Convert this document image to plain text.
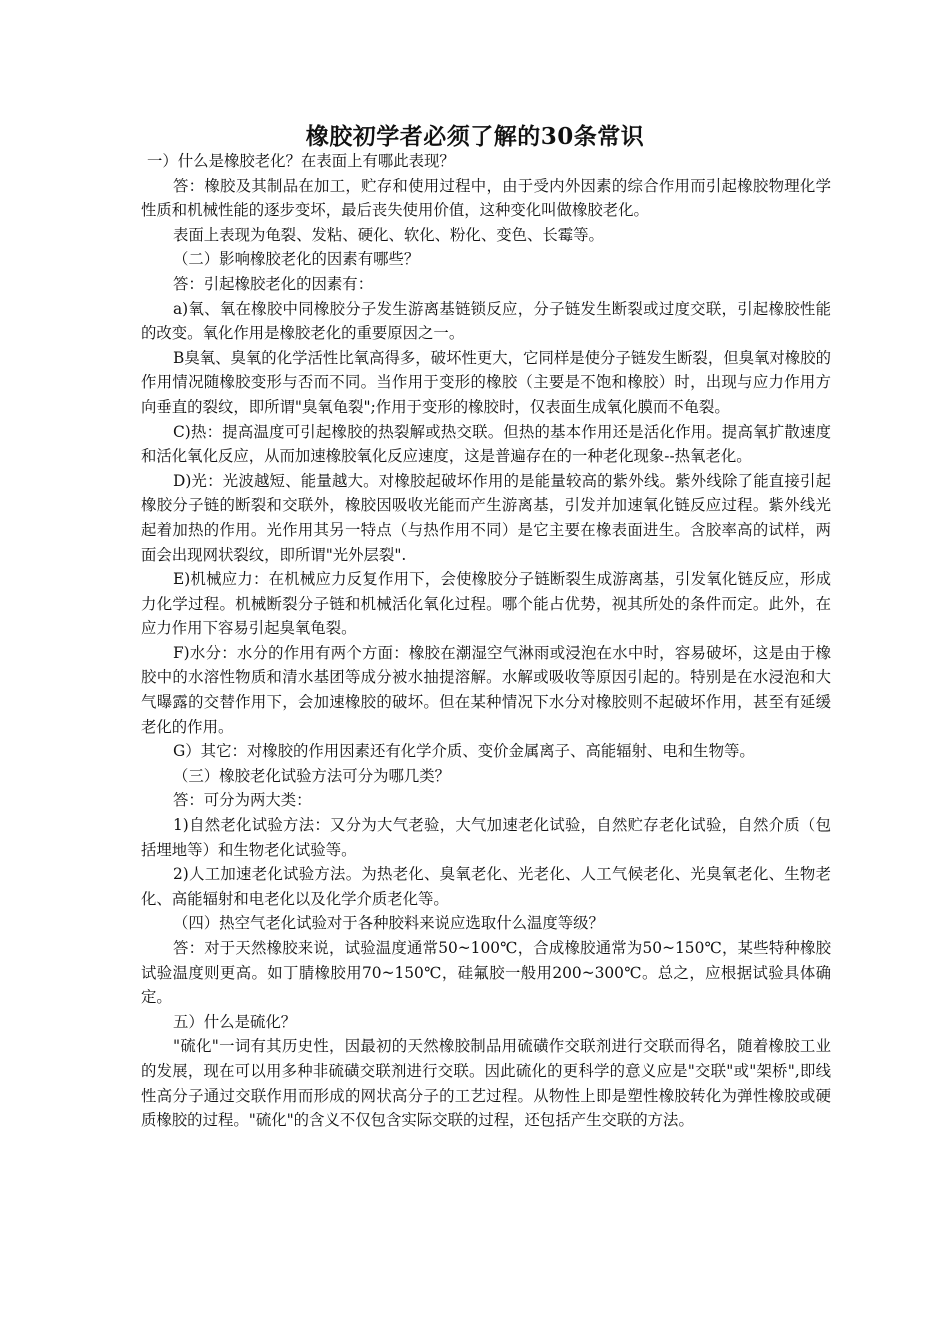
橡胶初学者必须了解的30条常识

一）什么是橡胶老化？在表面上有哪此表现？

答：橡胶及其制品在加工，贮存和使用过程中，由于受内外因素的综合作用而引起橡胶物理化学性质和机械性能的逐步变坏，最后丧失使用价值，这种变化叫做橡胶老化。

表面上表现为龟裂、发粘、硬化、软化、粉化、变色、长霉等。

（二）影响橡胶老化的因素有哪些？

答：引起橡胶老化的因素有：

a)氧、氧在橡胶中同橡胶分子发生游离基链锁反应，分子链发生断裂或过度交联，引起橡胶性能的改变。氧化作用是橡胶老化的重要原因之一。

B臭氧、臭氧的化学活性比氧高得多，破坏性更大，它同样是使分子链发生断裂，但臭氧对橡胶的作用情况随橡胶变形与否而不同。当作用于变形的橡胶（主要是不饱和橡胶）时，出现与应力作用方向垂直的裂纹，即所谓"臭氧龟裂";作用于变形的橡胶时，仅表面生成氧化膜而不龟裂。

C)热：提高温度可引起橡胶的热裂解或热交联。但热的基本作用还是活化作用。提高氧扩散速度和活化氧化反应，从而加速橡胶氧化反应速度，这是普遍存在的一种老化现象--热氧老化。

D)光：光波越短、能量越大。对橡胶起破坏作用的是能量较高的紫外线。紫外线除了能直接引起橡胶分子链的断裂和交联外，橡胶因吸收光能而产生游离基，引发并加速氧化链反应过程。紫外线光起着加热的作用。光作用其另一特点（与热作用不同）是它主要在橡表面进生。含胶率高的试样，两面会出现网状裂纹，即所谓"光外层裂".

E)机械应力：在机械应力反复作用下，会使橡胶分子链断裂生成游离基，引发氧化链反应，形成力化学过程。机械断裂分子链和机械活化氧化过程。哪个能占优势，视其所处的条件而定。此外，在应力作用下容易引起臭氧龟裂。

F)水分：水分的作用有两个方面：橡胶在潮湿空气淋雨或浸泡在水中时，容易破坏，这是由于橡胶中的水溶性物质和清水基团等成分被水抽提溶解。水解或吸收等原因引起的。特别是在水浸泡和大气曝露的交替作用下，会加速橡胶的破坏。但在某种情况下水分对橡胶则不起破坏作用，甚至有延缓老化的作用。

G）其它：对橡胶的作用因素还有化学介质、变价金属离子、高能辐射、电和生物等。

（三）橡胶老化试验方法可分为哪几类？

答：可分为两大类：

1)自然老化试验方法：又分为大气老验，大气加速老化试验，自然贮存老化试验，自然介质（包括埋地等）和生物老化试验等。

2)人工加速老化试验方法。为热老化、臭氧老化、光老化、人工气候老化、光臭氧老化、生物老化、高能辐射和电老化以及化学介质老化等。

（四）热空气老化试验对于各种胶料来说应选取什么温度等级？

答：对于天然橡胶来说，试验温度通常50~100℃，合成橡胶通常为50~150℃，某些特种橡胶试验温度则更高。如丁腈橡胶用70~150℃，硅氟胶一般用200~300℃。总之，应根据试验具体确定。

五）什么是硫化？

"硫化"一词有其历史性，因最初的天然橡胶制品用硫磺作交联剂进行交联而得名，随着橡胶工业的发展，现在可以用多种非硫磺交联剂进行交联。因此硫化的更科学的意义应是"交联"或"架桥",即线性高分子通过交联作用而形成的网状高分子的工艺过程。从物性上即是塑性橡胶转化为弹性橡胶或硬质橡胶的过程。"硫化"的含义不仅包含实际交联的过程，还包括产生交联的方法。
